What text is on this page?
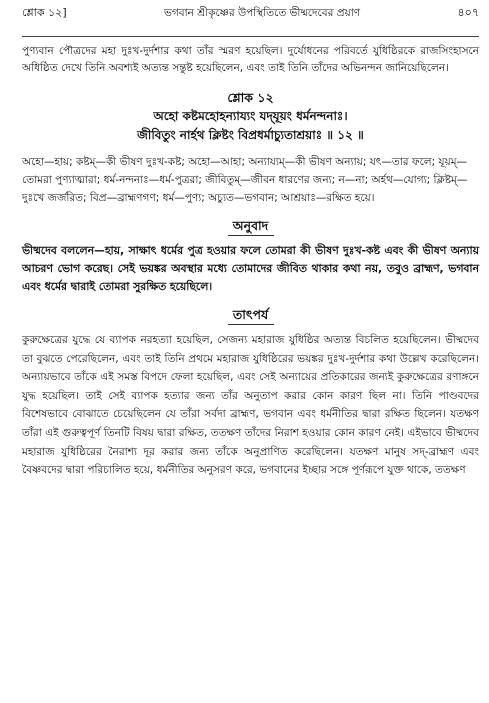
শ্লোক ১২]	ভগবান শ্রীকৃষ্ণের উপস্থিতিতে ভীষ্মদেবের প্রয়াণ	৪০৭

পুণ্যবান পৌত্রদের মহা দুঃখ-দুর্দশার কথা তাঁর স্মরণ হয়েছিল। দুর্যোধনের পরিবর্তে যুধিষ্ঠিরকে রাজসিংহাসনে অধিষ্ঠিত দেখে তিনি অবশ্যই অত্যন্ত সন্তুষ্ট হয়েছিলেন, এবং তাই তিনি তাঁদের অভিনন্দন জানিয়েছিলেন।

শ্লোক ১২
অহো কষ্টমহোহন্যায্যং যদ্‌যূয়ং ধর্মনন্দনাঃ।
জীবিতুং নার্হথ ক্লিষ্টং বিপ্রধর্মাচ্যুতাশ্রয়াঃ ॥ ১২ ॥

অহো—হায়; কষ্টম্—কী ভীষণ দুঃখ-কষ্ট; অহো—আহা; অন্যায্যম্—কী ভীষণ অন্যায়; যৎ—তার ফলে; যূয়ম্—তোমরা পুণ্যাত্মারা; ধর্ম-নন্দনাঃ—ধর্ম-পুত্ররা; জীবিতুম্—জীবন ধারণের জন্য; ন—না; অর্হথ—যোগ্য; ক্লিষ্টম্—দুঃখে জর্জরিত; বিপ্র—ব্রাহ্মণগণ; ধর্ম—পুণ্য; অচ্যুত—ভগবান; আশ্রয়াঃ—রক্ষিত হয়ে।

অনুবাদ

ভীষ্মদেব বললেন—হায়, সাক্ষাৎ ধর্মের পুত্র হওয়ার ফলে তোমরা কী ভীষণ দুঃখ-কষ্ট এবং কী ভীষণ অন্যায় আচরণ ভোগ করেছ। সেই ভয়ঙ্কর অবস্থার মধ্যে তোমাদের জীবিত থাকার কথা নয়, তবুও ব্রাহ্মণ, ভগবান এবং ধর্মের দ্বারাই তোমরা সুরক্ষিত হয়েছিলে।

তাৎপর্য

কুরুক্ষেত্রের যুদ্ধে যে ব্যাপক নরহত্যা হয়েছিল, সেজন্য মহারাজ যুধিষ্ঠির অত্যন্ত বিচলিত হয়েছিলেন। ভীষ্মদেব তা বুঝতে পেরেছিলেন, এবং তাই তিনি প্রথমে মহারাজ যুধিষ্ঠিরের ভয়ঙ্কর দুঃখ-দুর্দশার কথা উল্লেখ করেছিলেন। অন্যায়ভাবে তাঁকে এই সমস্ত বিপদে ফেলা হয়েছিল, এবং সেই অন্যায়ের প্রতিকারের জন্যই কুরুক্ষেত্রের রণাঙ্গনে যুদ্ধ হয়েছিল। তাই সেই ব্যাপক হত্যার জন্য তাঁর অনুতাপ করার কোন কারণ ছিল না। তিনি পাণ্ডবদের বিশেষভাবে বোঝাতে চেয়েছিলেন যে তাঁরা সর্বদা ব্রাহ্মণ, ভগবান এবং ধর্মনীতির দ্বারা রক্ষিত ছিলেন। যতক্ষণ তাঁরা এই গুরুত্বপূর্ণ তিনটি বিষয় দ্বারা রক্ষিত, ততক্ষণ তাঁদের নিরাশ হওয়ার কোন কারণ নেই। এইভাবে ভীষ্মদেব মহারাজ যুধিষ্ঠিরের নৈরাশ্য দূর করার জন্য তাঁকে অনুপ্রাণিত করেছিলেন। যতক্ষণ মানুষ সদ্‌-ব্রাহ্মণ এবং বৈষ্ণবদের দ্বারা পরিচালিত হয়ে, ধর্মনীতির অনুসরণ করে, ভগবানের ইচ্ছার সঙ্গে পূর্ণরূপে যুক্ত থাকে, ততক্ষণ
